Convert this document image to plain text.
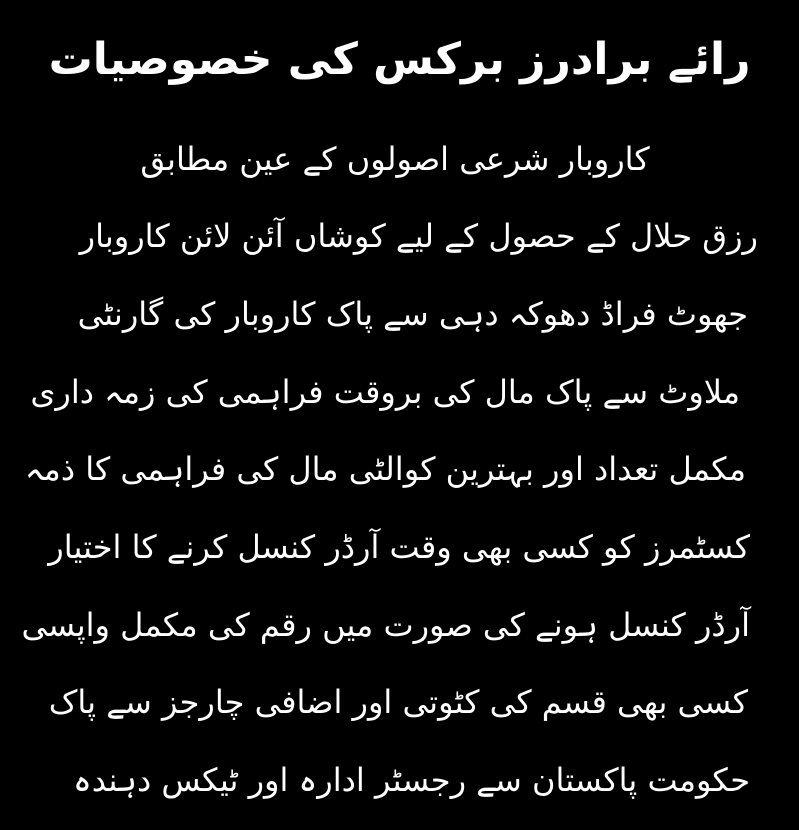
رائے برادرز برکس کی خصوصیات
کاروبار شرعی اصولوں کے عین مطابق
رزق حلال کے حصول کے لیے کوشاں آئن لائن کاروبار
جھوٹ فراڈ دھوکہ دہی سے پاک کاروبار کی گارنٹی
ملاوٹ سے پاک مال کی بروقت فراہمی کی زمہ داری
مکمل تعداد اور بہترین کوالٹی مال کی فراہمی کا ذمہ
کسٹمرز کو کسی بھی وقت آرڈر کنسل کرنے کا اختیار
آرڈر کنسل ہونے کی صورت میں رقم کی مکمل واپسی
کسی بھی قسم کی کٹوتی اور اضافی چارجز سے پاک
حکومت پاکستان سے رجسٹر ادارہ اور ٹیکس دہندہ
